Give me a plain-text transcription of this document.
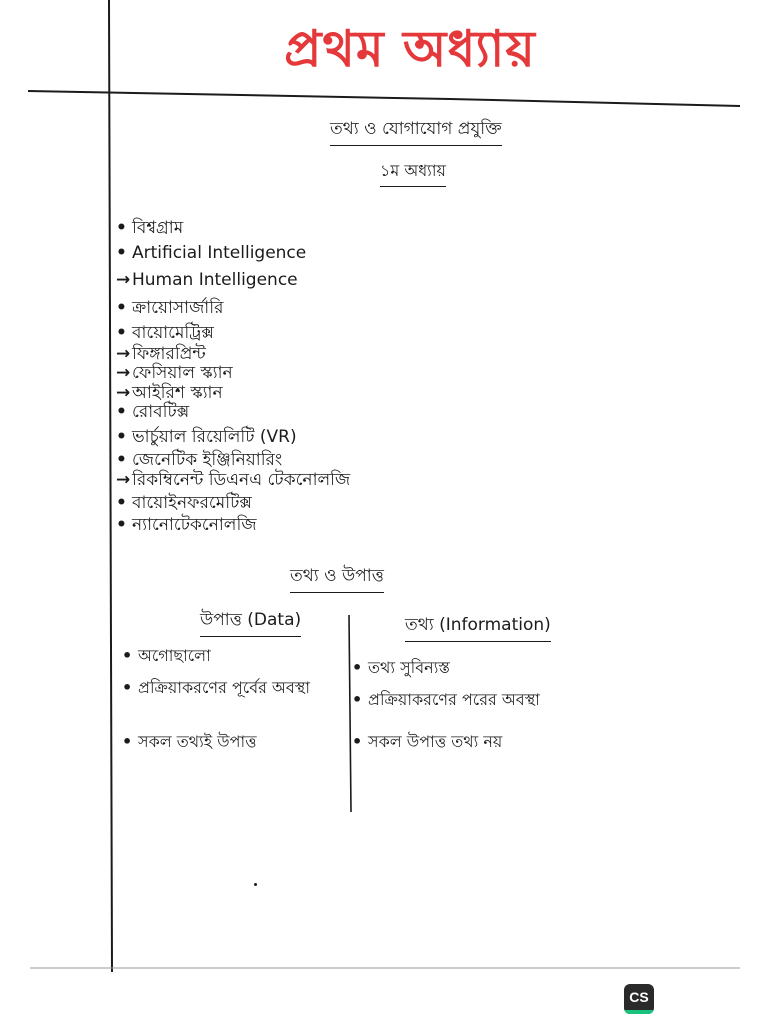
প্রথম অধ্যায়
তথ্য ও যোগাযোগ প্রযুক্তি
১ম অধ্যায়
• বিশ্বগ্রাম
• Artificial Intelligence
→ Human Intelligence
• ক্রায়োসার্জারি
• বায়োমেট্রিক্স
→ ফিঙ্গারপ্রিন্ট
→ ফেসিয়াল স্ক্যান
→ আইরিশ স্ক্যান
• রোবটিক্স
• ভার্চুয়াল রিয়েলিটি (VR)
• জেনেটিক ইঞ্জিনিয়ারিং
→ রিকম্বিনেন্ট ডিএনএ টেকনোলজি
• বায়োইনফরমেটিক্স
• ন্যানোটেকনোলজি
তথ্য ও উপাত্ত
উপাত্ত (Data)
• অগোছালো
• প্রক্রিয়াকরণের পূর্বের অবস্থা
• সকল তথ্যই উপাত্ত
তথ্য (Information)
• তথ্য সুবিন্যস্ত
• প্রক্রিয়াকরণের পরের অবস্থা
• সকল উপাত্ত তথ্য নয়
CS
